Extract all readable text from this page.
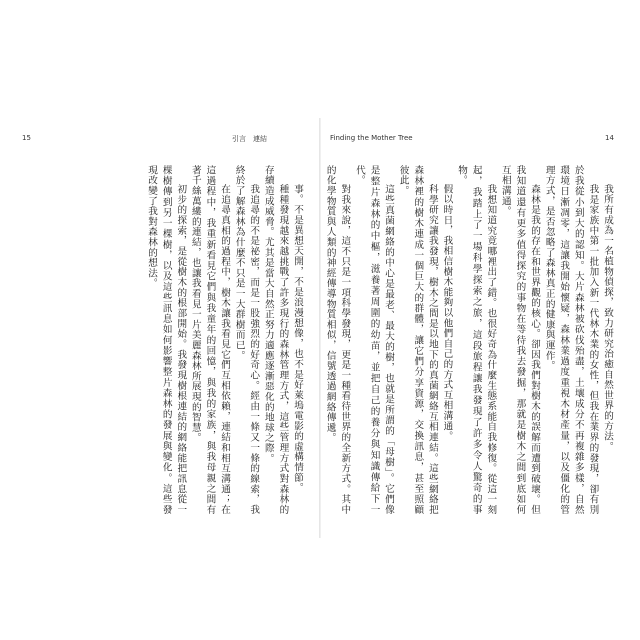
15	引言　連結

事。不是異想天開，不是浪漫想像，也不是好萊塢電影的虛構情節。

種種發現越來越挑戰了許多現行的森林管理方式，這些管理方式對森林的存續造成威脅。尤其是當大自然正努力適應逐漸惡化的地球之際。

我追尋的不是祕密，而是一股強烈的好奇心。經由一條又一條的線索，我終於了解森林為什麼不只是一大群樹而已。

在追尋真相的過程中，樹木讓我看見它們互相依賴，連結和相互溝通；在這過程中，我重新看見它們與我童年的回憶，與我的家族，與我母親之間有著千絲萬縷的連結，也讓我看見一片美麗森林所展現的智慧。

初步的探索，是從樹木的根部開始。我發現樹根連結的網絡能把訊息從一棵樹傳到另一棵樹，以及這些訊息如何影響整片森林的發展與變化。這些發現改變了我對森林的想法。

Finding the Mother Tree	14

我所有成為一名植物偵探，致力研究治癒自然世界的方法。

我是家族中第一批加入新一代林木業的女性，但我在業界的發現，卻有別於我從小到大的認知。大片森林被砍伐殆盡，土壤成分不再複雜多樣，自然環境日漸凋零，這讓我開始懷疑，森林業過度重視木材產量，以及僵化的管理方式，是否忽略了森林真正的健康與運作。

森林是我的存在和世界觀的核心。卻因我們對樹木的誤解而遭到破壞。但我知道還有更多值得探究的事物在等待我去發掘，那就是樹木之間到底如何互相溝通。

我想知道究竟哪裡出了錯。也很好奇為什麼生態系能自我修復。從這一刻起，我踏上了一場科學探索之旅，這段旅程讓我發現了許多令人驚奇的事物。

假以時日，我相信樹木能夠以他們自己的方式互相溝通。

科學研究讓我發現，樹木之間是以地下的真菌網絡互相連結。這些網絡把森林裡的樹木連成一個巨大的群體，讓它們分享資源，交換訊息，甚至照顧彼此。

這些真菌網絡的中心是最老、最大的樹，也就是所謂的「母樹」。它們像是整片森林的中樞，滋養著周圍的幼苗，並把自己的養分與知識傳給下一代。

對我來說，這不只是一項科學發現，更是一種看待世界的全新方式。其中的化學物質與人類的神經傳導物質相似，信號透過網絡傳遞。
